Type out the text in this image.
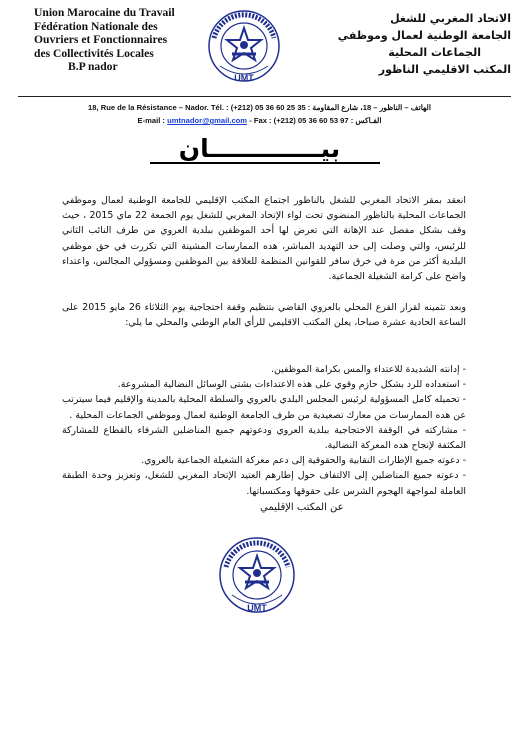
Union Marocaine du Travail
Fédération Nationale des
Ouvriers et Fonctionnaires
des Collectivités Locales
B.P nador
UMT
الاتحاد المغربي للشغل
الجامعة الوطنية لعمال وموظفي
الجماعات المحلية
المكتب الاقليمي الناظور
18, Rue de la Résistance – Nador. Tél. : (+212) 05 36 60 25 35 : الهاتف – الناظور – 18، شارع المقاومة
E-mail : umtnador@gmail.com - Fax : (+212) 05 36 60 53 97 : الفـاكس
بيـــــــــــــان

انعقد بمقر الاتحاد المغربي للشغل بالناظور اجتماع المكتب الإقليمي للجامعة الوطنية لعمال وموظفي الجماعات المحلية بالناظور المنضوي تحت لواء الإتحاد المغربي للشغل يوم الجمعة 22 ماي 2015 ، حيث وقف بشكل مفصل عند الإهانة التي تعرض لها أحد الموظفين ببلدية العروي من طرف النائب الثاني للرئيس، والتي وصلت إلى حد التهديد المباشر، هده الممارسات المشينة التي تكررت في حق موظفي البلدية أكثر من مرة في خرق سافر للقوانين المنظمة للعلاقة بين الموظفين ومسؤولي المجالس، واعتداء واضح على كرامة الشغيلة الجماعية.

وبعد تثمينه لقرار الفرع المحلي بالعروي القاضي بتنظيم وقفة احتجاجية يوم الثلاثاء 26 مايو 2015 على الساعة الحادية عشرة صباحا، يعلن المكتب الاقليمي للرأي العام الوطني والمحلي ما يلي:

- إدانته الشديدة للاعتداء والمس بكرامة الموظفين.
- استعداده للرد بشكل حازم وقوي على هذه الاعتداءات بشتى الوسائل النضالية المشروعة.
- تحميله كامل المسؤولية لرئيس المجلس البلدي بالعروي والسلطة المحلية بالمدينة والإقليم فيما سيترتب عن هده الممارسات من معارك تصعيدية من طرف الجامعة الوطنية لعمال وموظفي الجماعات المحلية .
- مشاركته في الوقفة الاحتجاجية ببلدية العروي ودعوتهم جميع المناضلين الشرفاء بالقطاع للمشاركة المكثفة لإنجاح هده المعركة النضالية.
- دعوته جميع الإطارات النقابية والحقوقية إلى دعم معركة الشغيلة الجماعية بالعروي.
- دعوته جميع المناضلين إلى الالتفاف حول إطارهم العتيد الإتحاد المغربي للشغل، وتعزيز وحدة الطبقة العاملة لمواجهة الهجوم الشرس على حقوقها ومكتسباتها.
عن المكتب الإقليمي
UMT
